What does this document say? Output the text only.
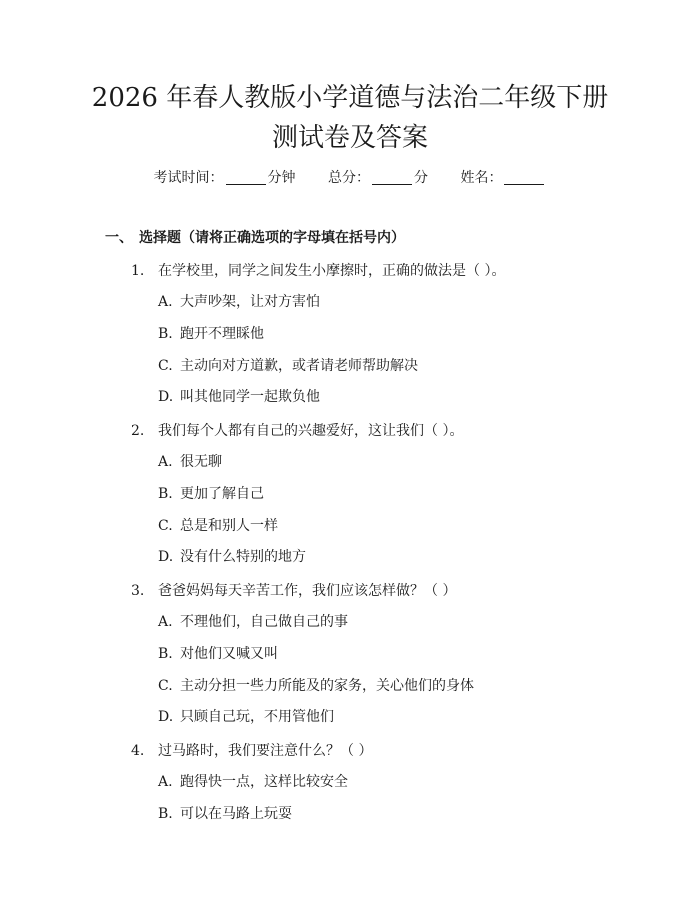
2026 年春人教版小学道德与法治二年级下册
测试卷及答案
考试时间：	分钟 总分：	分 姓名：
一、 选择题（请将正确选项的字母填在括号内）
1. 在学校里，同学之间发生小摩擦时，正确的做法是（ ）。
A. 大声吵架，让对方害怕
B. 跑开不理睬他
C. 主动向对方道歉，或者请老师帮助解决
D. 叫其他同学一起欺负他
2. 我们每个人都有自己的兴趣爱好，这让我们（ ）。
A. 很无聊
B. 更加了解自己
C. 总是和别人一样
D. 没有什么特别的地方
3. 爸爸妈妈每天辛苦工作，我们应该怎样做？（ ）
A. 不理他们，自己做自己的事
B. 对他们又喊又叫
C. 主动分担一些力所能及的家务，关心他们的身体
D. 只顾自己玩，不用管他们
4. 过马路时，我们要注意什么？（ ）
A. 跑得快一点，这样比较安全
B. 可以在马路上玩耍
